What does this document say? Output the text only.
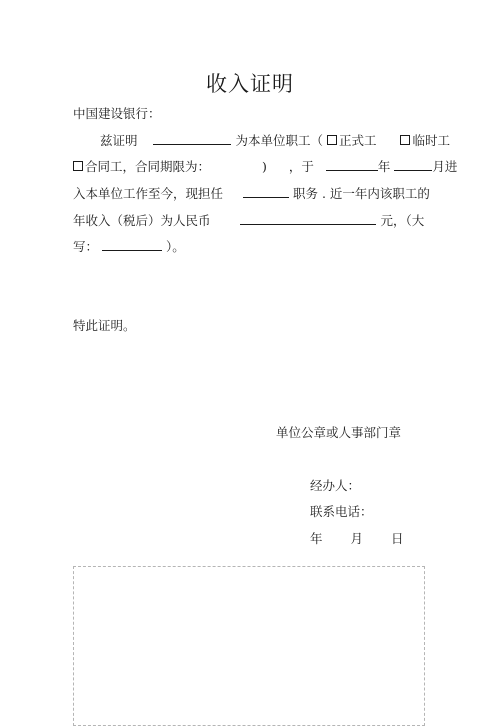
收入证明
中国建设银行：
兹证明	为本单位职工（ 正式工	临时工
合同工，合同期限为：	) ，于	年	月进
入本单位工作至今，现担任	职务 . 近一年内该职工的
年收入（税后）为人民币	元，（大
写：	）。
特此证明。
单位公章或人事部门章
经办人：
联系电话：
年 月 日
